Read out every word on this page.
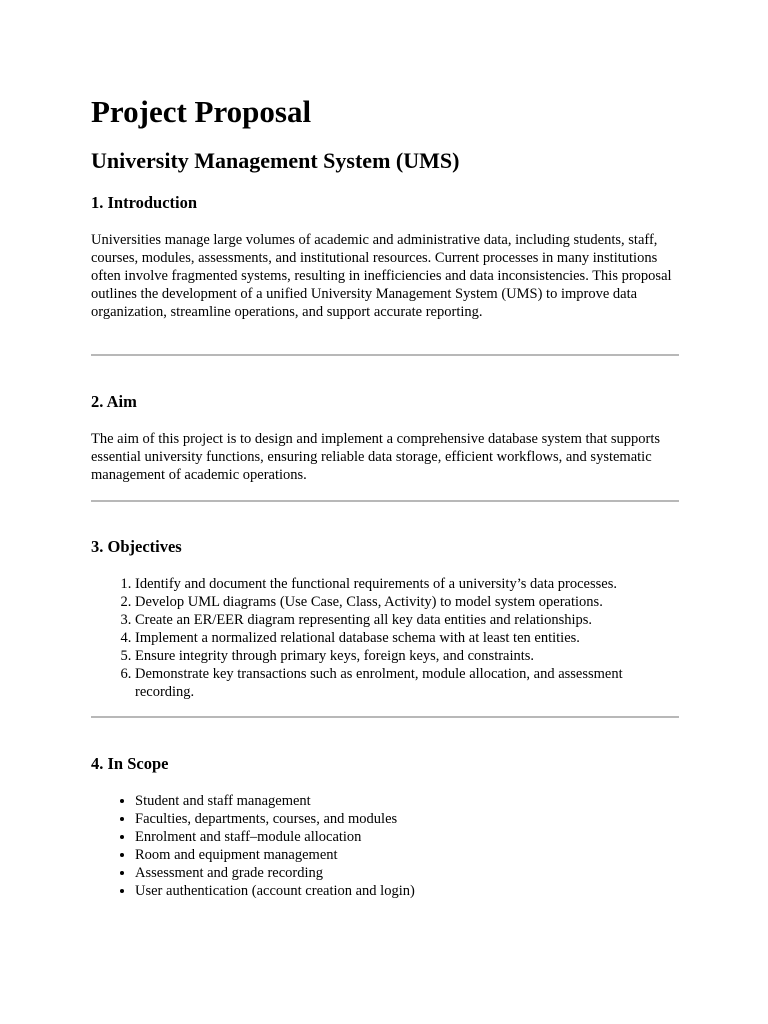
Project Proposal
University Management System (UMS)
1. Introduction

Universities manage large volumes of academic and administrative data, including students, staff, courses, modules, assessments, and institutional resources. Current processes in many institutions often involve fragmented systems, resulting in inefficiencies and data inconsistencies. This proposal outlines the development of a unified University Management System (UMS) to improve data organization, streamline operations, and support accurate reporting.

2. Aim

The aim of this project is to design and implement a comprehensive database system that supports essential university functions, ensuring reliable data storage, efficient workflows, and systematic management of academic operations.

3. Objectives
1. Identify and document the functional requirements of a university’s data processes.
2. Develop UML diagrams (Use Case, Class, Activity) to model system operations.
3. Create an ER/EER diagram representing all key data entities and relationships.
4. Implement a normalized relational database schema with at least ten entities.
5. Ensure integrity through primary keys, foreign keys, and constraints.
6. Demonstrate key transactions such as enrolment, module allocation, and assessment recording.
4. In Scope
• Student and staff management
• Faculties, departments, courses, and modules
• Enrolment and staff–module allocation
• Room and equipment management
• Assessment and grade recording
• User authentication (account creation and login)
